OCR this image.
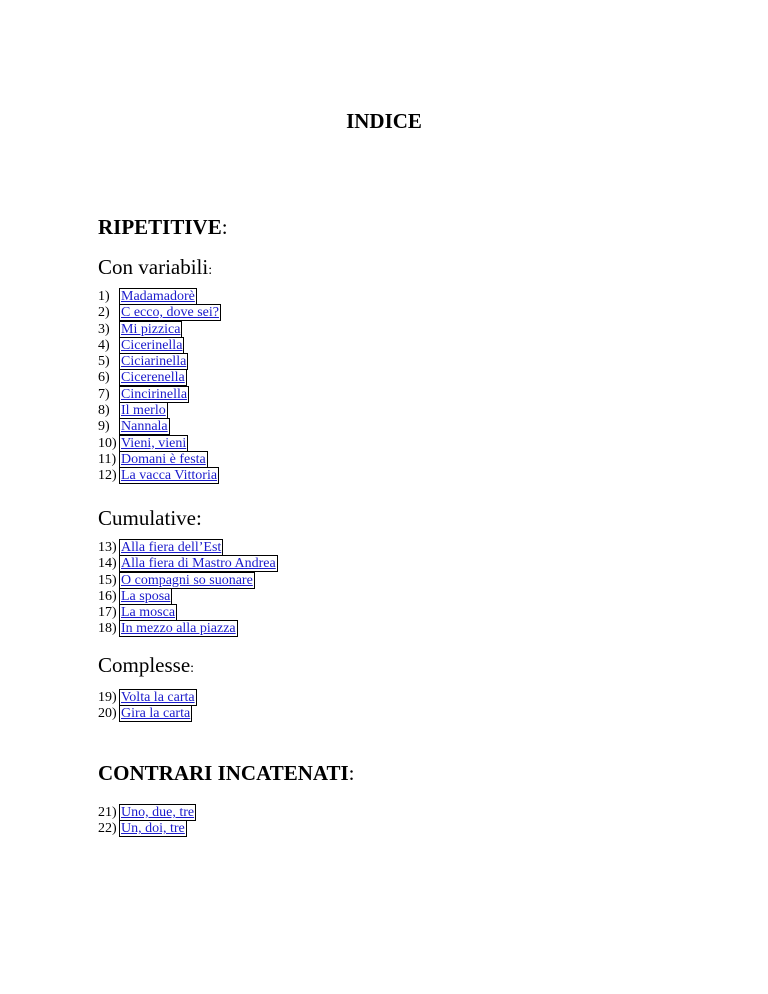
INDICE
RIPETITIVE:
Con variabili:
1) Madamadorè
2) C ecco, dove sei?
3) Mi pizzica
4) Cicerinella
5) Ciciarinella
6) Cicerenella
7) Cincirinella
8) Il merlo
9) Nannala
10) Vieni, vieni
11) Domani è festa
12) La vacca Vittoria
Cumulative:
13) Alla fiera dell’Est
14) Alla fiera di Mastro Andrea
15) O compagni so suonare
16) La sposa
17) La mosca
18) In mezzo alla piazza
Complesse:
19) Volta la carta
20) Gira la carta
CONTRARI INCATENATI:
21) Uno, due, tre
22) Un, doi, tre
